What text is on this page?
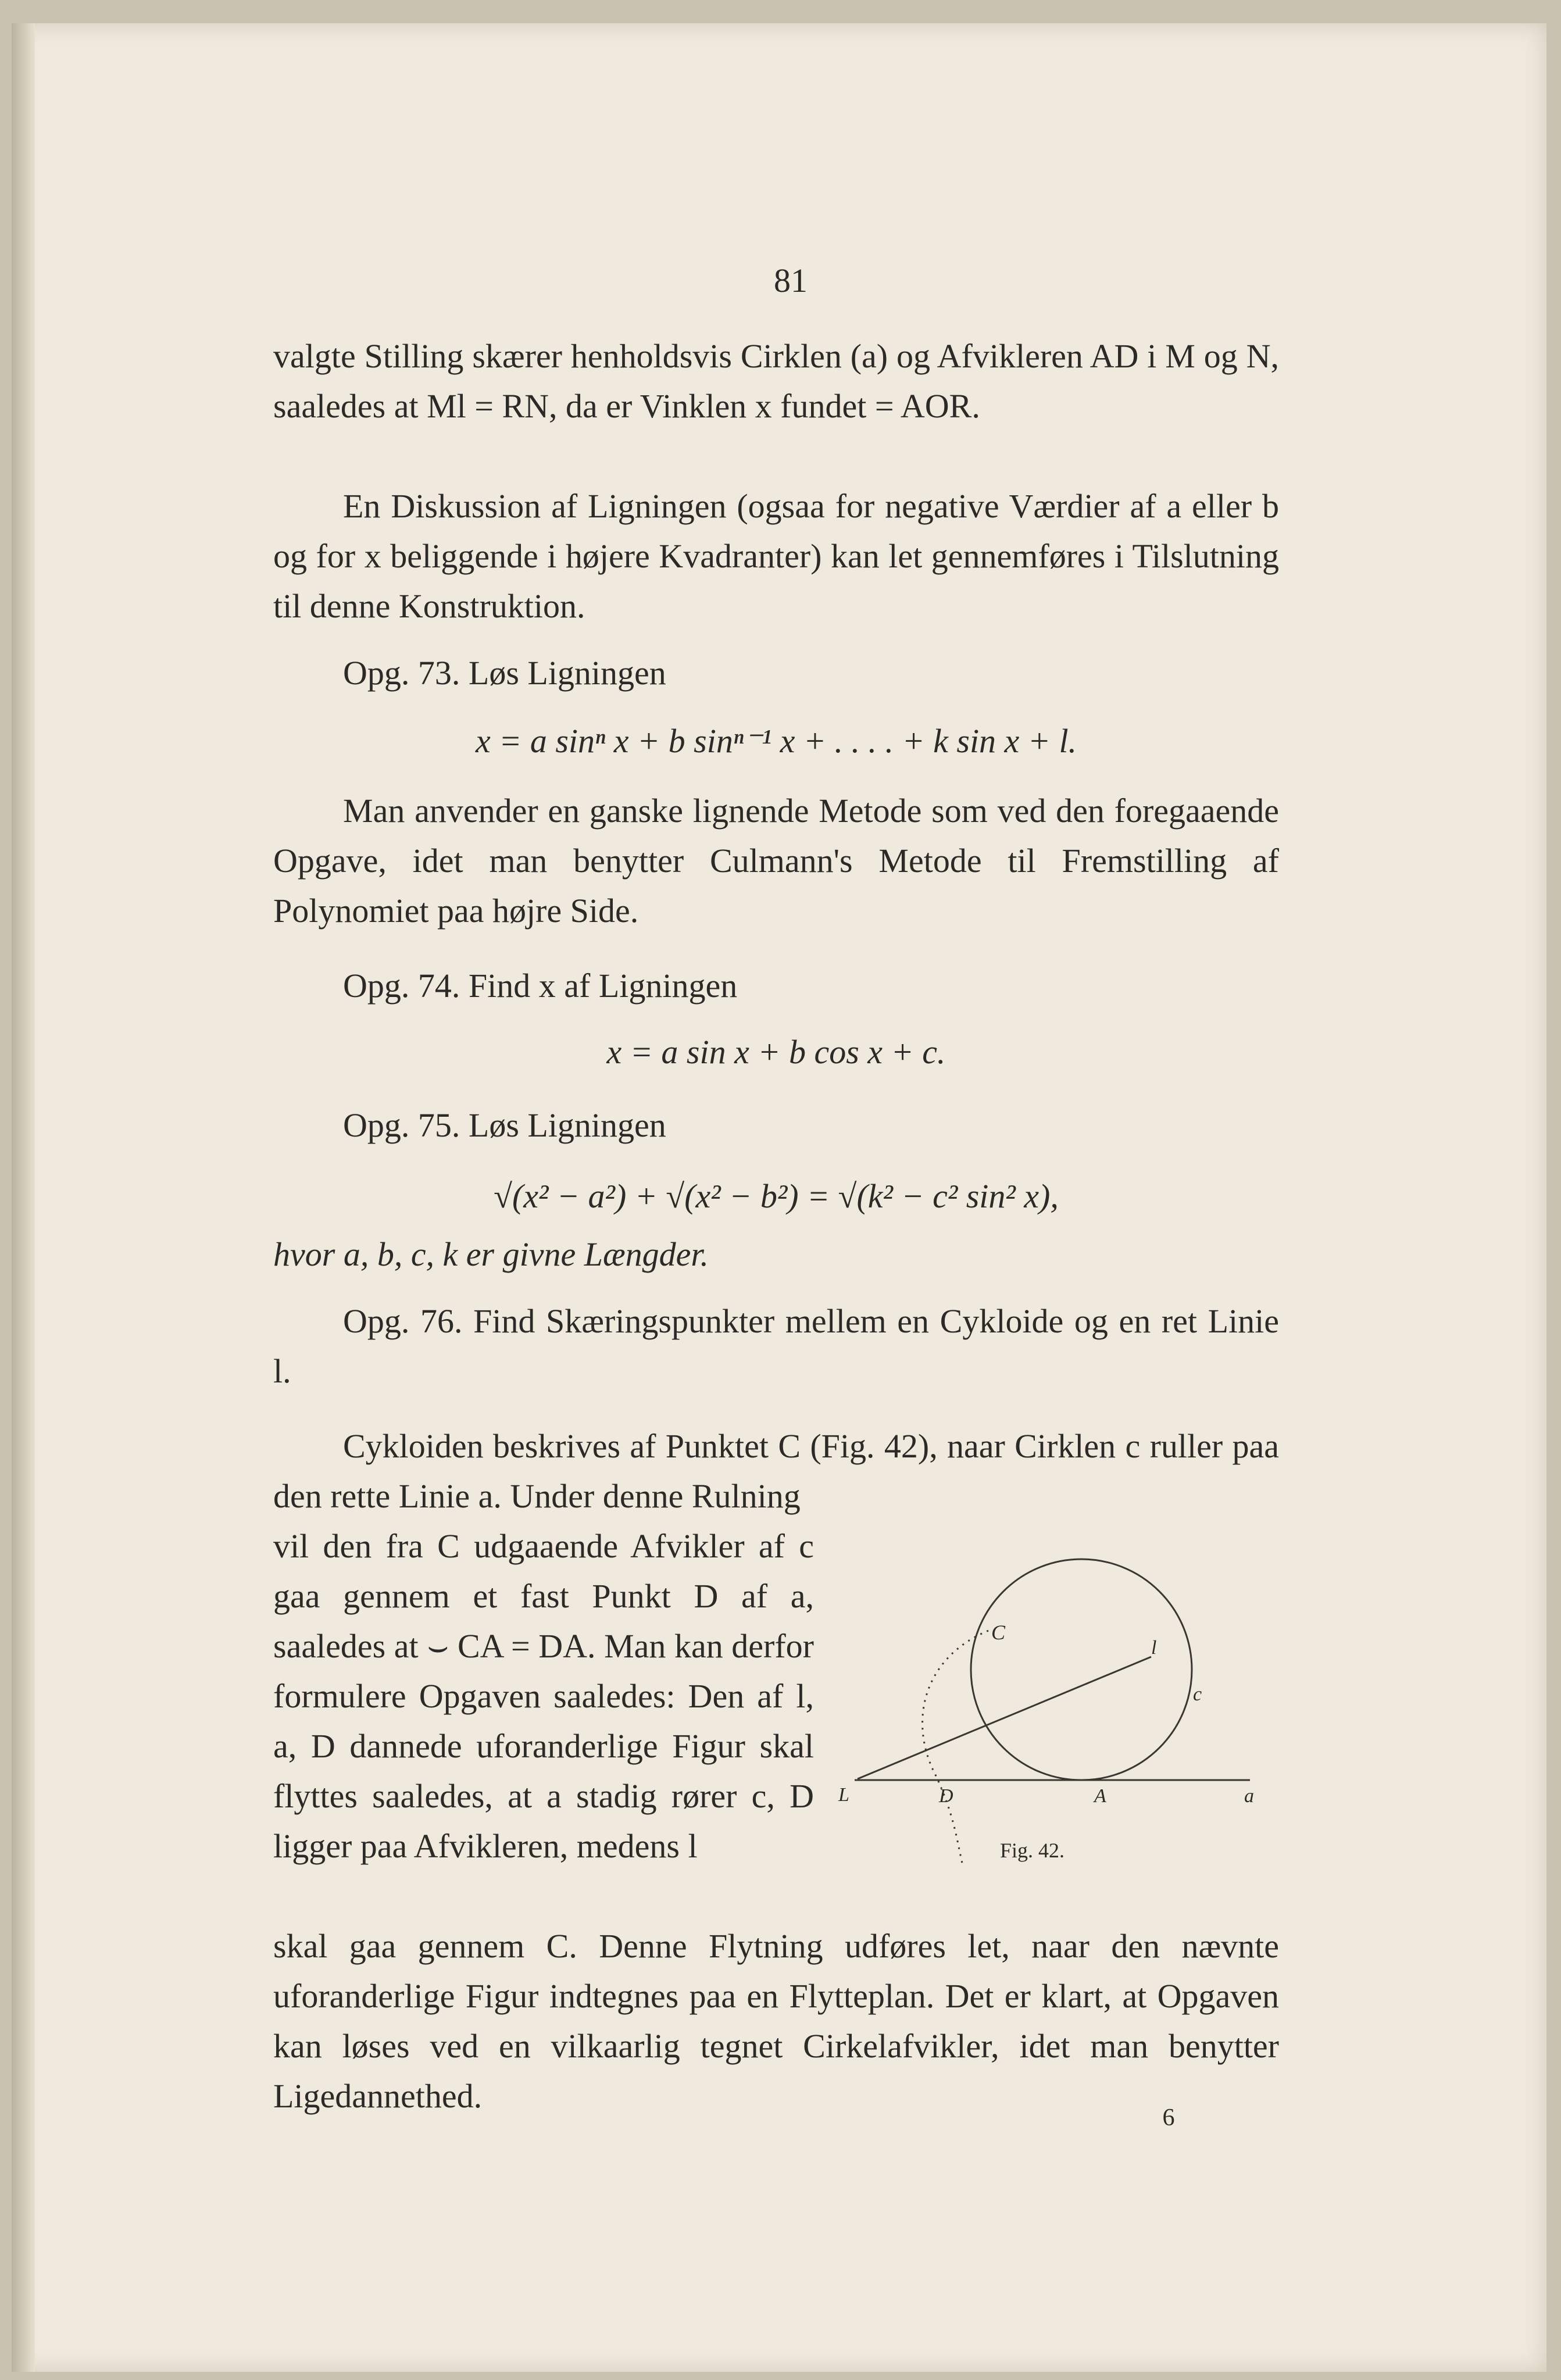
81

valgte Stilling skærer henholdsvis Cirklen (a) og Afvikleren AD i M og N, saaledes at Ml = RN, da er Vinklen x fundet = AOR.

En Diskussion af Ligningen (ogsaa for negative Værdier af a eller b og for x beliggende i højere Kvadranter) kan let gennemføres i Tilslutning til denne Konstruktion.

Opg. 73. Løs Ligningen

x = a sinⁿ x + b sinⁿ⁻¹ x + . . . . + k sin x + l.

Man anvender en ganske lignende Metode som ved den foregaaende Opgave, idet man benytter Culmann's Metode til Fremstilling af Polynomiet paa højre Side.

Opg. 74. Find x af Ligningen

x = a sin x + b cos x + c.

Opg. 75. Løs Ligningen

√(x² − a²) + √(x² − b²) = √(k² − c² sin² x),

hvor a, b, c, k er givne Længder.

Opg. 76. Find Skæringspunkter mellem en Cykloide og en ret Linie l.

Cykloiden beskrives af Punktet C (Fig. 42), naar Cirklen c ruller paa den rette Linie a. Under denne Rulning

vil den fra C udgaaende Afvikler af c gaa gennem et fast Punkt D af a, saaledes at ⌣ CA = DA. Man kan derfor formulere Opgaven saaledes: Den af l, a, D dannede uforanderlige Figur skal flyttes saaledes, at a stadig rører c, D ligger paa Afvikleren, medens l

C
l
c
L	D	A	a
Fig. 42.

skal gaa gennem C. Denne Flytning udføres let, naar den nævnte uforanderlige Figur indtegnes paa en Flytteplan. Det er klart, at Opgaven kan løses ved en vilkaarlig tegnet Cirkelafvikler, idet man benytter Ligedannethed.

6
